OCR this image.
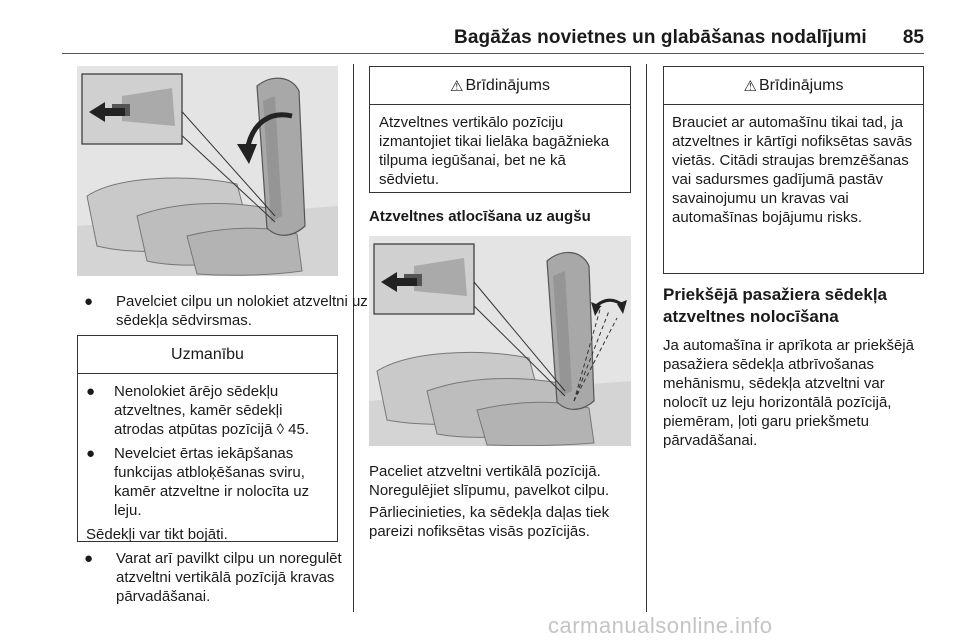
Bagāžas novietnes un glabāšanas nodalījumi 85
● Pavelciet cilpu un nolokiet atzveltni uz sēdekļa sēdvirsmas.
Uzmanību
● Nenolokiet ārējo sēdekļu atzveltnes, kamēr sēdekļi atrodas atpūtas pozīcijā ◊ 45.
● Nevelciet ērtas iekāpšanas funkcijas atbloķēšanas sviru, kamēr atzveltne ir nolocīta uz leju.
Sēdekļi var tikt bojāti.
● Varat arī pavilkt cilpu un noregulēt atzveltni vertikālā pozīcijā kravas pārvadāšanai.
⚠ Brīdinājums
Atzveltnes vertikālo pozīciju izmantojiet tikai lielāka bagāžnieka tilpuma iegūšanai, bet ne kā sēdvietu.
Atzveltnes atlocīšana uz augšu
Paceliet atzveltni vertikālā pozīcijā. Noregulējiet slīpumu, pavelkot cilpu.
Pārliecinieties, ka sēdekļa daļas tiek pareizi nofiksētas visās pozīcijās.
⚠ Brīdinājums
Brauciet ar automašīnu tikai tad, ja atzveltnes ir kārtīgi nofiksētas savās vietās. Citādi straujas bremzēšanas vai sadursmes gadījumā pastāv savainojumu un kravas vai automašīnas bojājumu risks.
Priekšējā pasažiera sēdekļa atzveltnes nolocīšana
Ja automašīna ir aprīkota ar priekšējā pasažiera sēdekļa atbrīvošanas mehānismu, sēdekļa atzveltni var nolocīt uz leju horizontālā pozīcijā, piemēram, ļoti garu priekšmetu pārvadāšanai.
carmanualsonline.info
